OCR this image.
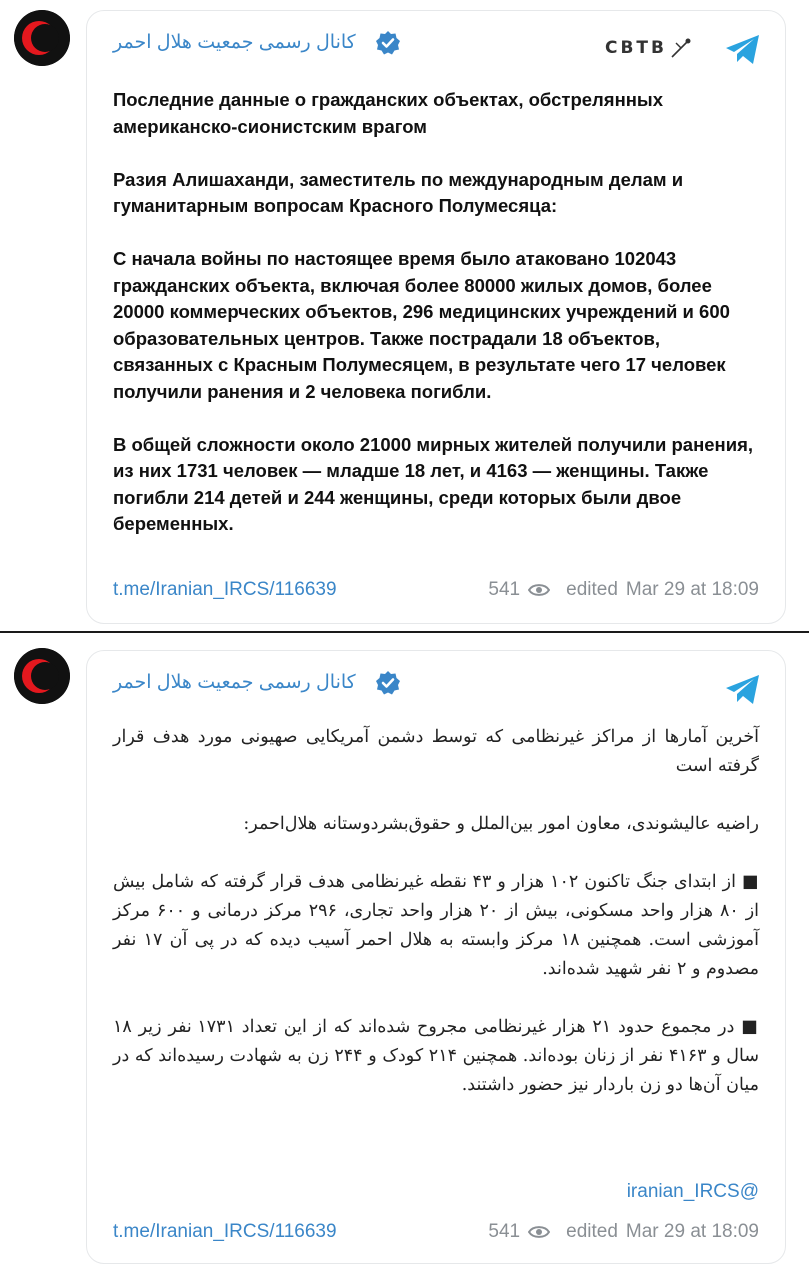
کانال رسمی جمعیت هلال احمر	CBTB

Последние данные о гражданских объектах, обстрелянных американско-сионистским врагом

Разия Алишаханди, заместитель по международным делам и гуманитарным вопросам Красного Полумесяца:

С начала войны по настоящее время было атаковано 102043 гражданских объекта, включая более 80000 жилых домов, более 20000 коммерческих объектов, 296 медицинских учреждений и 600 образовательных центров. Также пострадали 18 объектов, связанных с Красным Полумесяцем, в результате чего 17 человек получили ранения и 2 человека погибли.

В общей сложности около 21000 мирных жителей получили ранения, из них 1731 человек — младше 18 лет, и 4163 — женщины. Также погибли 214 детей и 244 женщины, среди которых были двое беременных.

t.me/Iranian_IRCS/116639	541 edited Mar 29 at 18:09
کانال رسمی جمعیت هلال احمر

آخرین آمارها از مراکز غیرنظامی که توسط دشمن آمریکایی صهیونی مورد هدف قرار گرفته است

راضیه عالیشوندی، معاون امور بین‌الملل و حقوق‌بشردوستانه هلال‌احمر:

■ از ابتدای جنگ تاکنون ۱۰۲ هزار و ۴۳ نقطه غیرنظامی هدف قرار گرفته که شامل بیش از ۸۰ هزار واحد مسکونی، بیش از ۲۰ هزار واحد تجاری، ۲۹۶ مرکز درمانی و ۶۰۰ مرکز آموزشی است. همچنین ۱۸ مرکز وابسته به هلال احمر آسیب دیده که در پی آن ۱۷ نفر مصدوم و ۲ نفر شهید شده‌اند.

■ در مجموع حدود ۲۱ هزار غیرنظامی مجروح شده‌اند که از این تعداد ۱۷۳۱ نفر زیر ۱۸ سال و ۴۱۶۳ نفر از زنان بوده‌اند. همچنین ۲۱۴ کودک و ۲۴۴ زن به شهادت رسیده‌اند که در میان آن‌ها دو زن باردار نیز حضور داشتند.

iranian_IRCS@
t.me/Iranian_IRCS/116639	541 edited Mar 29 at 18:09
